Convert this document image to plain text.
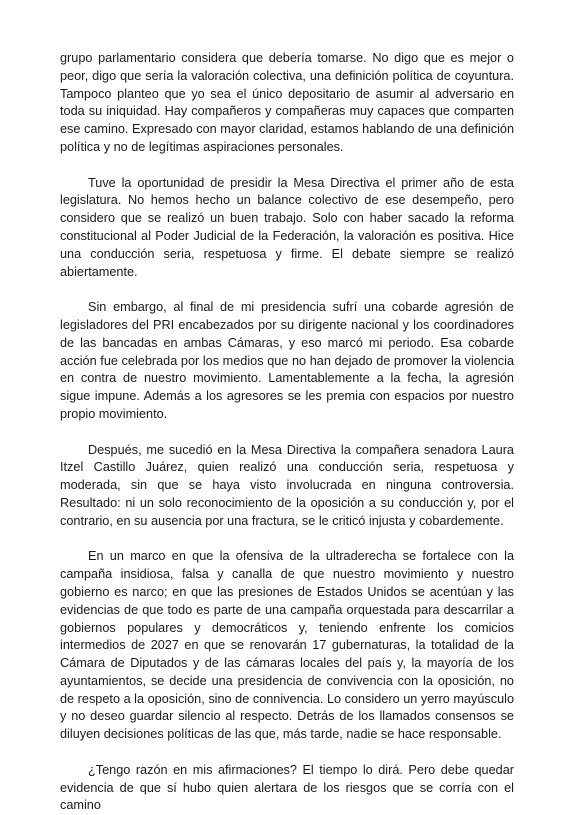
grupo parlamentario considera que debería tomarse. No digo que es mejor o peor, digo que sería la valoración colectiva, una definición política de coyuntura. Tampoco planteo que yo sea el único depositario de asumir al adversario en toda su iniquidad. Hay compañeros y compañeras muy capaces que comparten ese camino. Expresado con mayor claridad, estamos hablando de una definición política y no de legítimas aspiraciones personales.

Tuve la oportunidad de presidir la Mesa Directiva el primer año de esta legislatura. No hemos hecho un balance colectivo de ese desempeño, pero considero que se realizó un buen trabajo. Solo con haber sacado la reforma constitucional al Poder Judicial de la Federación, la valoración es positiva. Hice una conducción seria, respetuosa y firme. El debate siempre se realizó abiertamente.

Sin embargo, al final de mi presidencia sufrí una cobarde agresión de legisladores del PRI encabezados por su dirigente nacional y los coordinadores de las bancadas en ambas Cámaras, y eso marcó mi periodo. Esa cobarde acción fue celebrada por los medios que no han dejado de promover la violencia en contra de nuestro movimiento. Lamentablemente a la fecha, la agresión sigue impune. Además a los agresores se les premia con espacios por nuestro propio movimiento.

Después, me sucedió en la Mesa Directiva la compañera senadora Laura Itzel Castillo Juárez, quien realizó una conducción seria, respetuosa y moderada, sin que se haya visto involucrada en ninguna controversia. Resultado: ni un solo reconocimiento de la oposición a su conducción y, por el contrario, en su ausencia por una fractura, se le criticó injusta y cobardemente.

En un marco en que la ofensiva de la ultraderecha se fortalece con la campaña insidiosa, falsa y canalla de que nuestro movimiento y nuestro gobierno es narco; en que las presiones de Estados Unidos se acentúan y las evidencias de que todo es parte de una campaña orquestada para descarrilar a gobiernos populares y democráticos y, teniendo enfrente los comicios intermedios de 2027 en que se renovarán 17 gubernaturas, la totalidad de la Cámara de Diputados y de las cámaras locales del país y, la mayoría de los ayuntamientos, se decide una presidencia de convivencia con la oposición, no de respeto a la oposición, sino de connivencia. Lo considero un yerro mayúsculo y no deseo guardar silencio al respecto. Detrás de los llamados consensos se diluyen decisiones políticas de las que, más tarde, nadie se hace responsable.

¿Tengo razón en mis afirmaciones? El tiempo lo dirá. Pero debe quedar evidencia de que sí hubo quien alertara de los riesgos que se corría con el camino
